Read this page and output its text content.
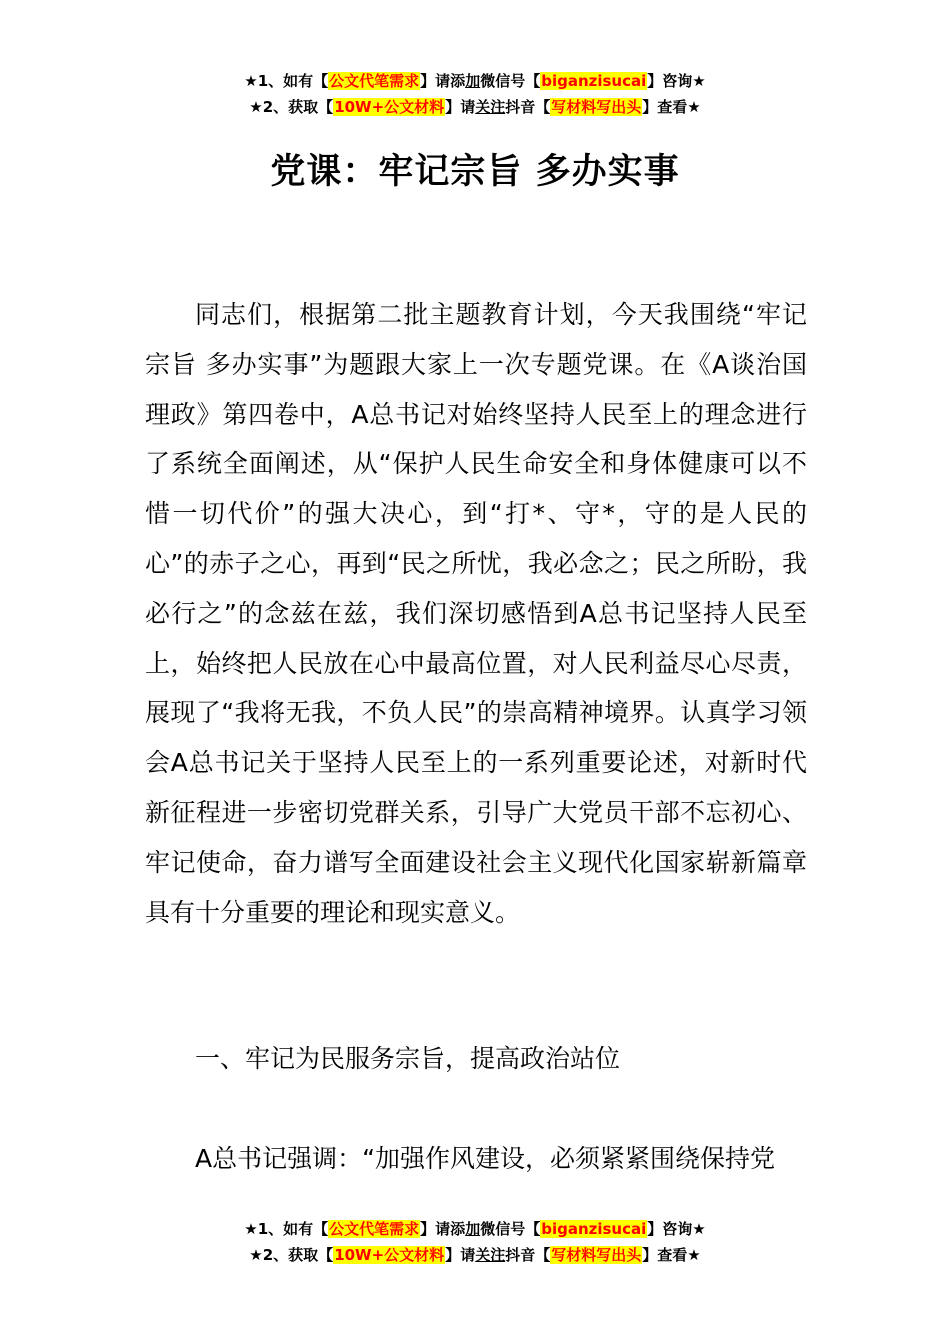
★1、如有【公文代笔需求】请添加微信号【biganzisucai】咨询★
★2、获取【10W+公文材料】请关注抖音【写材料写出头】查看★
党课：牢记宗旨 多办实事
同志们，根据第二批主题教育计划，今天我围绕“牢记宗旨 多办实事”为题跟大家上一次专题党课。在《A谈治国理政》第四卷中，A总书记对始终坚持人民至上的理念进行了系统全面阐述，从“保护人民生命安全和身体健康可以不惜一切代价”的强大决心，到“打*、守*，守的是人民的心”的赤子之心，再到“民之所忧，我必念之；民之所盼，我必行之”的念兹在兹，我们深切感悟到A总书记坚持人民至上，始终把人民放在心中最高位置，对人民利益尽心尽责，展现了“我将无我，不负人民”的崇高精神境界。认真学习领会A总书记关于坚持人民至上的一系列重要论述，对新时代新征程进一步密切党群关系，引导广大党员干部不忘初心、牢记使命，奋力谱写全面建设社会主义现代化国家崭新篇章具有十分重要的理论和现实意义。
一、牢记为民服务宗旨，提高政治站位
A总书记强调：“加强作风建设，必须紧紧围绕保持党
★1、如有【公文代笔需求】请添加微信号【biganzisucai】咨询★
★2、获取【10W+公文材料】请关注抖音【写材料写出头】查看★
